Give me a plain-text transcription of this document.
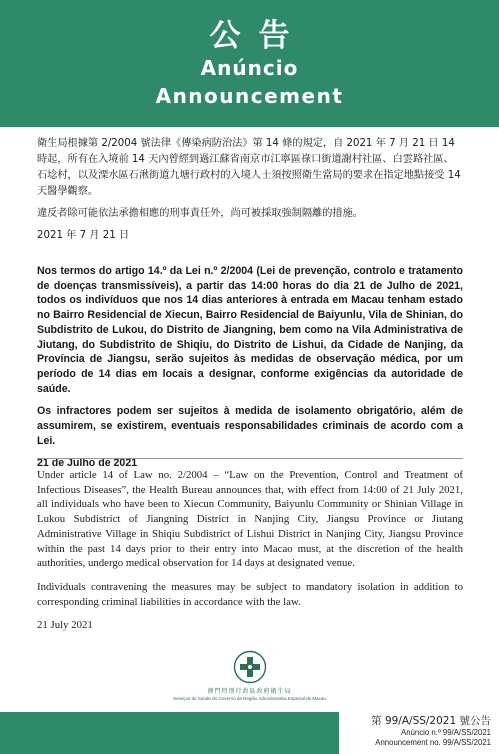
公告
Anúncio
Announcement

衛生局根據第 2/2004 號法律《傳染病防治法》第 14 條的規定，自 2021 年 7 月 21 日 14 時起，所有在入境前 14 天內曾經到過江蘇省南京市江寧區祿口街道謝村社區、白雲路社區、石埝村，以及溧水區石湫街道九塘行政村的入境人士須按照衛生當局的要求在指定地點接受 14 天醫學觀察。

違反者除可能依法承擔相應的刑事責任外，尚可被採取強制隔離的措施。

2021 年 7 月 21 日

Nos termos do artigo 14.º da Lei n.º 2/2004 (Lei de prevenção, controlo e tratamento de doenças transmissíveis), a partir das 14:00 horas do dia 21 de Julho de 2021, todos os indivíduos que nos 14 dias anteriores à entrada em Macau tenham estado no Bairro Residencial de Xiecun, Bairro Residencial de Baiyunlu, Vila de Shinian, do Subdistrito de Lukou, do Distrito de Jiangning, bem como na Vila Administrativa de Jiutang, do Subdistrito de Shiqiu, do Distrito de Lishui, da Cidade de Nanjing, da Província de Jiangsu, serão sujeitos às medidas de observação médica, por um período de 14 dias em locais a designar, conforme exigências da autoridade de saúde.

Os infractores podem ser sujeitos à medida de isolamento obrigatório, além de assumirem, se existirem, eventuais responsabilidades criminais de acordo com a Lei.

21 de Julho de 2021

Under article 14 of Law no. 2/2004 – “Law on the Prevention, Control and Treatment of Infectious Diseases”, the Health Bureau announces that, with effect from 14:00 of 21 July 2021, all individuals who have been to Xiecun Community, Baiyunlu Community or Shinian Village in Lukou Subdistrict of Jiangning District in Nanjing City, Jiangsu Province or Jiutang Administrative Village in Shiqiu Subdistrict of Lishui District in Nanjing City, Jiangsu Province within the past 14 days prior to their entry into Macao must, at the discretion of the health authorities, undergo medical observation for 14 days at designated venue.

Individuals contravening the measures may be subject to mandatory isolation in addition to corresponding criminal liabilities in accordance with the law.

21 July 2021

澳門特別行政區政府衛生局
Serviços de Saúde do Governo da Região Administrativa Especial de Macau
第 99/A/SS/2021 號公告
Anúncio n.º 99/A/SS/2021
Announcement no. 99/A/SS/2021
